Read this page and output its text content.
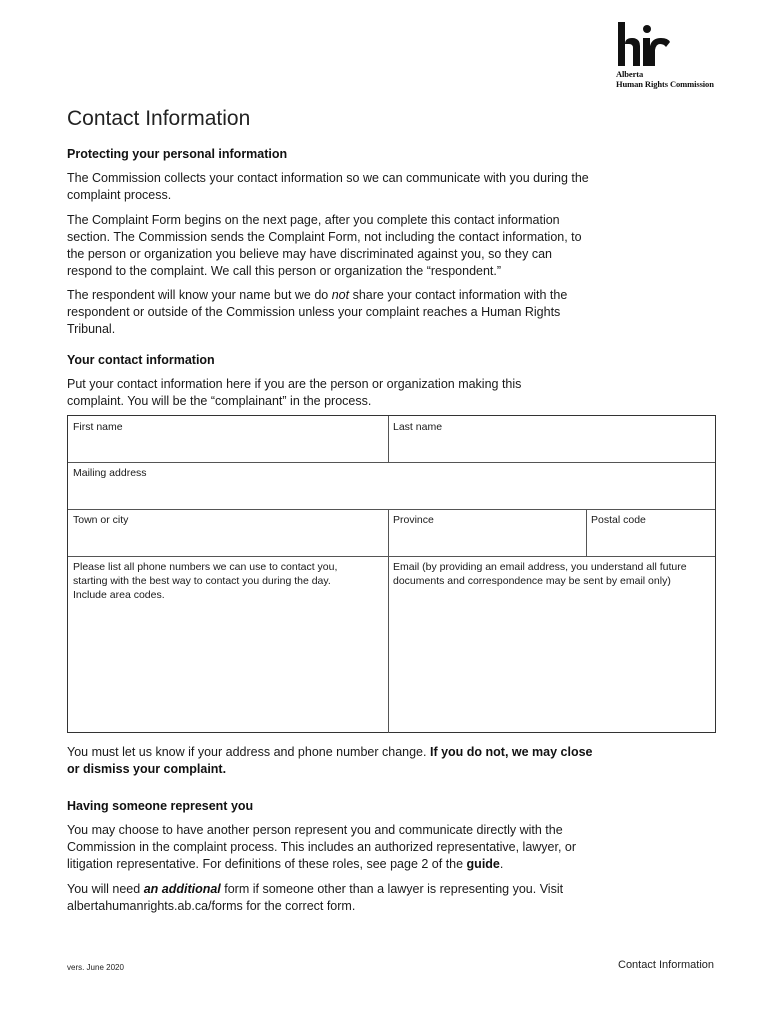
Alberta
Human Rights Commission
Contact Information
Protecting your personal information

The Commission collects your contact information so we can communicate with you during the complaint process.

The Complaint Form begins on the next page, after you complete this contact information section. The Commission sends the Complaint Form, not including the contact information, to the person or organization you believe may have discriminated against you, so they can respond to the complaint. We call this person or organization the “respondent.”

The respondent will know your name but we do not share your contact information with the respondent or outside of the Commission unless your complaint reaches a Human Rights Tribunal.

Your contact information

Put your contact information here if you are the person or organization making this complaint. You will be the “complainant” in the process.

First name	Last name
Mailing address
Town or city	Province	Postal code
Please list all phone numbers we can use to contact you, starting with the best way to contact you during the day. Include area codes.
Email (by providing an email address, you understand all future documents and correspondence may be sent by email only)

You must let us know if your address and phone number change. If you do not, we may close or dismiss your complaint.

Having someone represent you

You may choose to have another person represent you and communicate directly with the Commission in the complaint process. This includes an authorized representative, lawyer, or litigation representative. For definitions of these roles, see page 2 of the guide.

You will need an additional form if someone other than a lawyer is representing you. Visit albertahumanrights.ab.ca/forms for the correct form.

vers. June 2020	Contact Information
